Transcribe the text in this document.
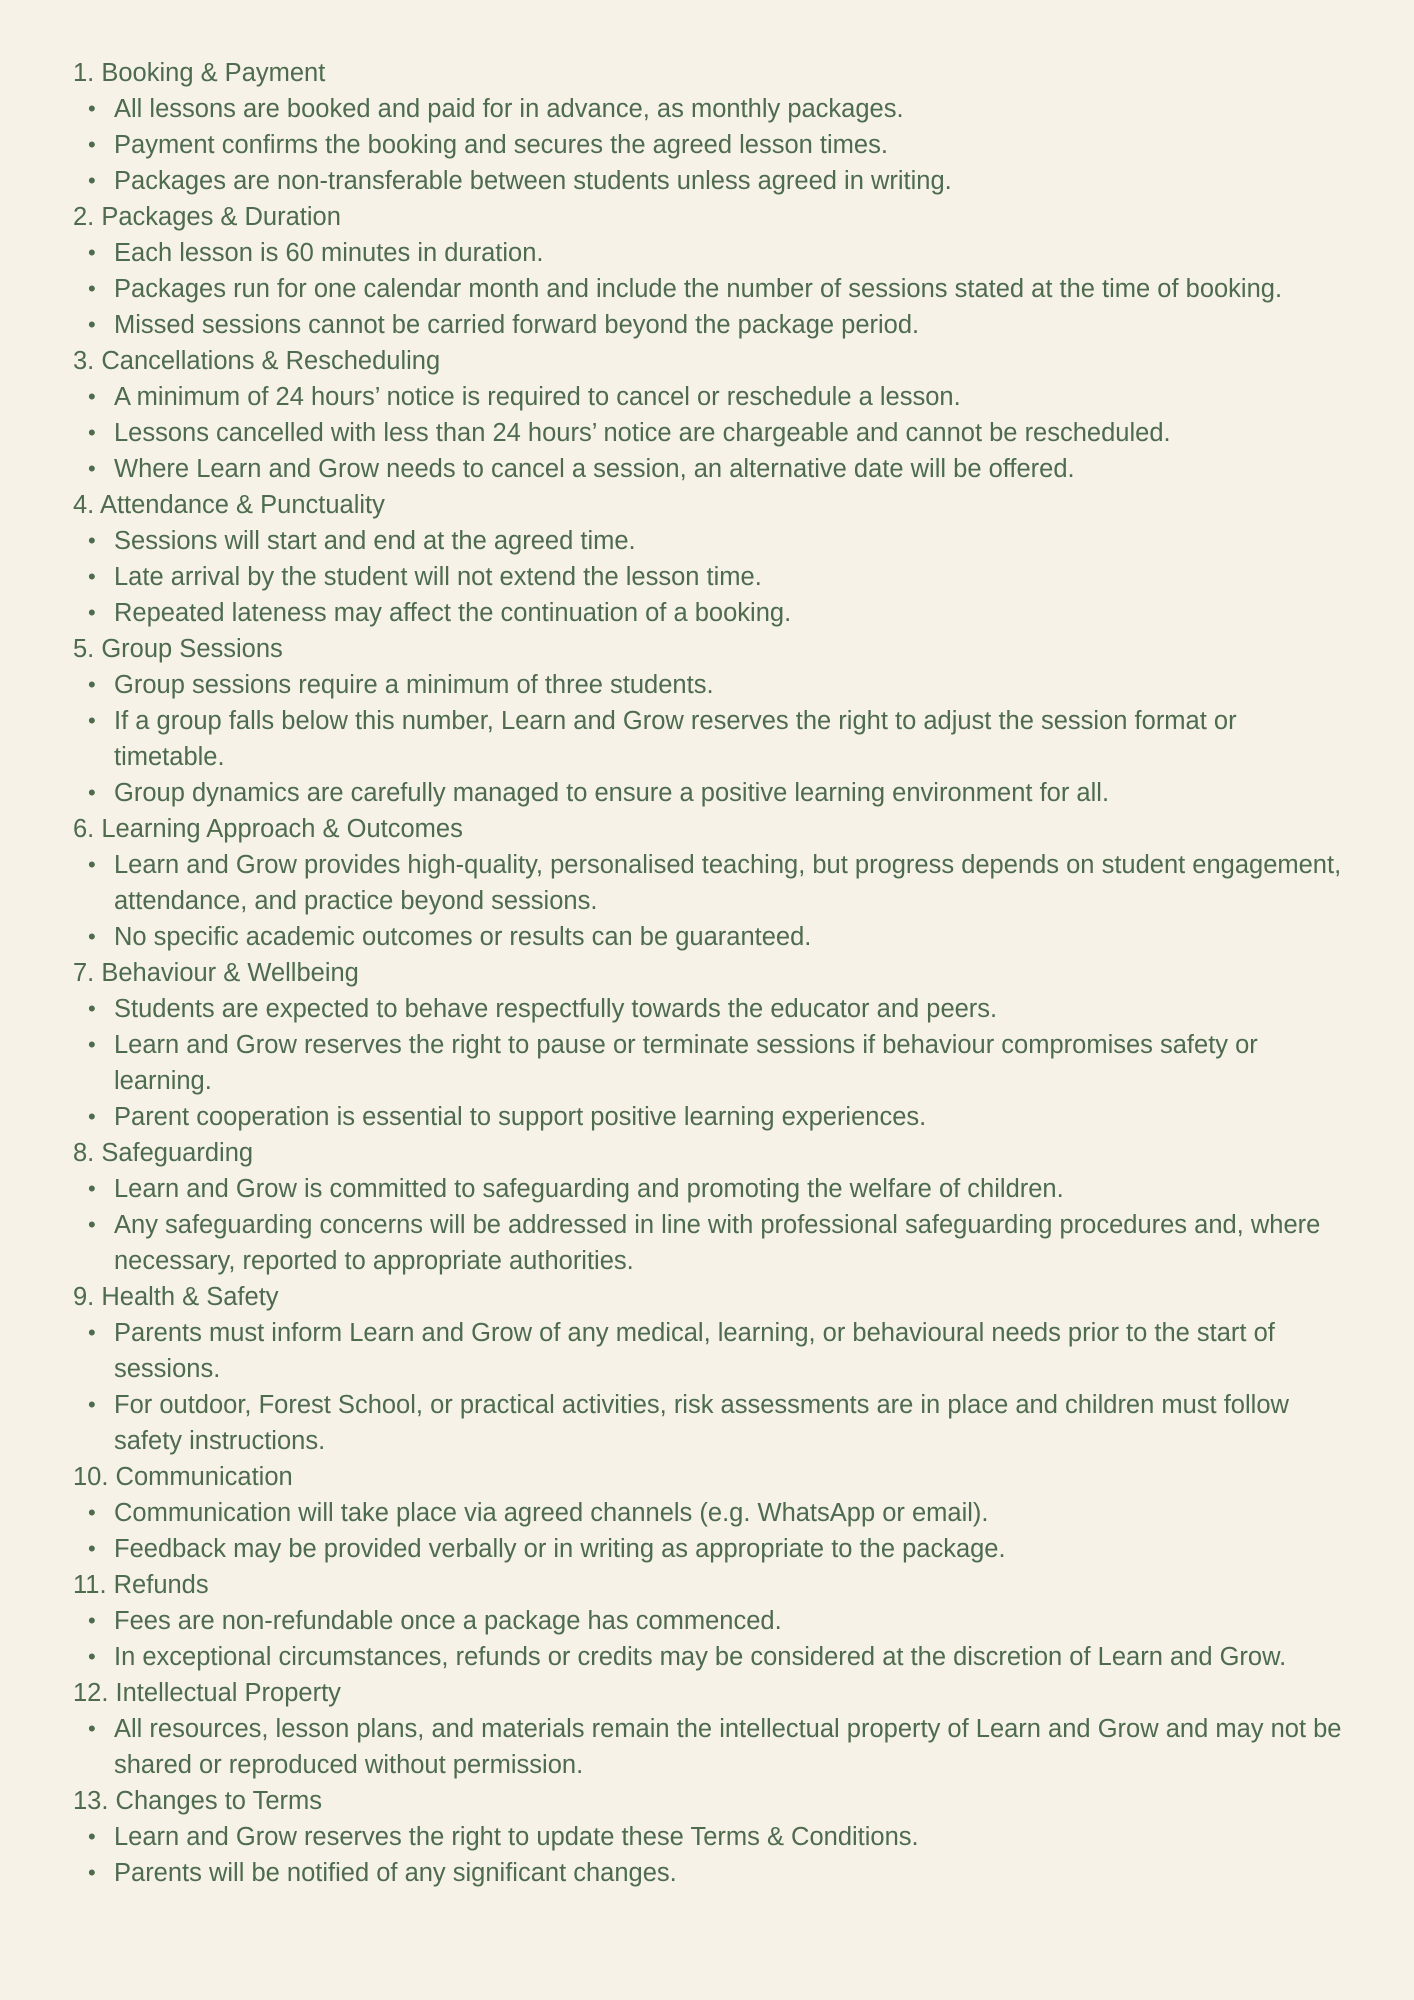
1. Booking & Payment
• All lessons are booked and paid for in advance, as monthly packages.
• Payment confirms the booking and secures the agreed lesson times.
• Packages are non-transferable between students unless agreed in writing.
2. Packages & Duration
• Each lesson is 60 minutes in duration.
• Packages run for one calendar month and include the number of sessions stated at the time of booking.
• Missed sessions cannot be carried forward beyond the package period.
3. Cancellations & Rescheduling
• A minimum of 24 hours’ notice is required to cancel or reschedule a lesson.
• Lessons cancelled with less than 24 hours’ notice are chargeable and cannot be rescheduled.
• Where Learn and Grow needs to cancel a session, an alternative date will be offered.
4. Attendance & Punctuality
• Sessions will start and end at the agreed time.
• Late arrival by the student will not extend the lesson time.
• Repeated lateness may affect the continuation of a booking.
5. Group Sessions
• Group sessions require a minimum of three students.
• If a group falls below this number, Learn and Grow reserves the right to adjust the session format or timetable.
• Group dynamics are carefully managed to ensure a positive learning environment for all.
6. Learning Approach & Outcomes
• Learn and Grow provides high-quality, personalised teaching, but progress depends on student engagement, attendance, and practice beyond sessions.
• No specific academic outcomes or results can be guaranteed.
7. Behaviour & Wellbeing
• Students are expected to behave respectfully towards the educator and peers.
• Learn and Grow reserves the right to pause or terminate sessions if behaviour compromises safety or learning.
• Parent cooperation is essential to support positive learning experiences.
8. Safeguarding
• Learn and Grow is committed to safeguarding and promoting the welfare of children.
• Any safeguarding concerns will be addressed in line with professional safeguarding procedures and, where necessary, reported to appropriate authorities.
9. Health & Safety
• Parents must inform Learn and Grow of any medical, learning, or behavioural needs prior to the start of sessions.
• For outdoor, Forest School, or practical activities, risk assessments are in place and children must follow safety instructions.
10. Communication
• Communication will take place via agreed channels (e.g. WhatsApp or email).
• Feedback may be provided verbally or in writing as appropriate to the package.
11. Refunds
• Fees are non-refundable once a package has commenced.
• In exceptional circumstances, refunds or credits may be considered at the discretion of Learn and Grow.
12. Intellectual Property
• All resources, lesson plans, and materials remain the intellectual property of Learn and Grow and may not be shared or reproduced without permission.
13. Changes to Terms
• Learn and Grow reserves the right to update these Terms & Conditions.
• Parents will be notified of any significant changes.
